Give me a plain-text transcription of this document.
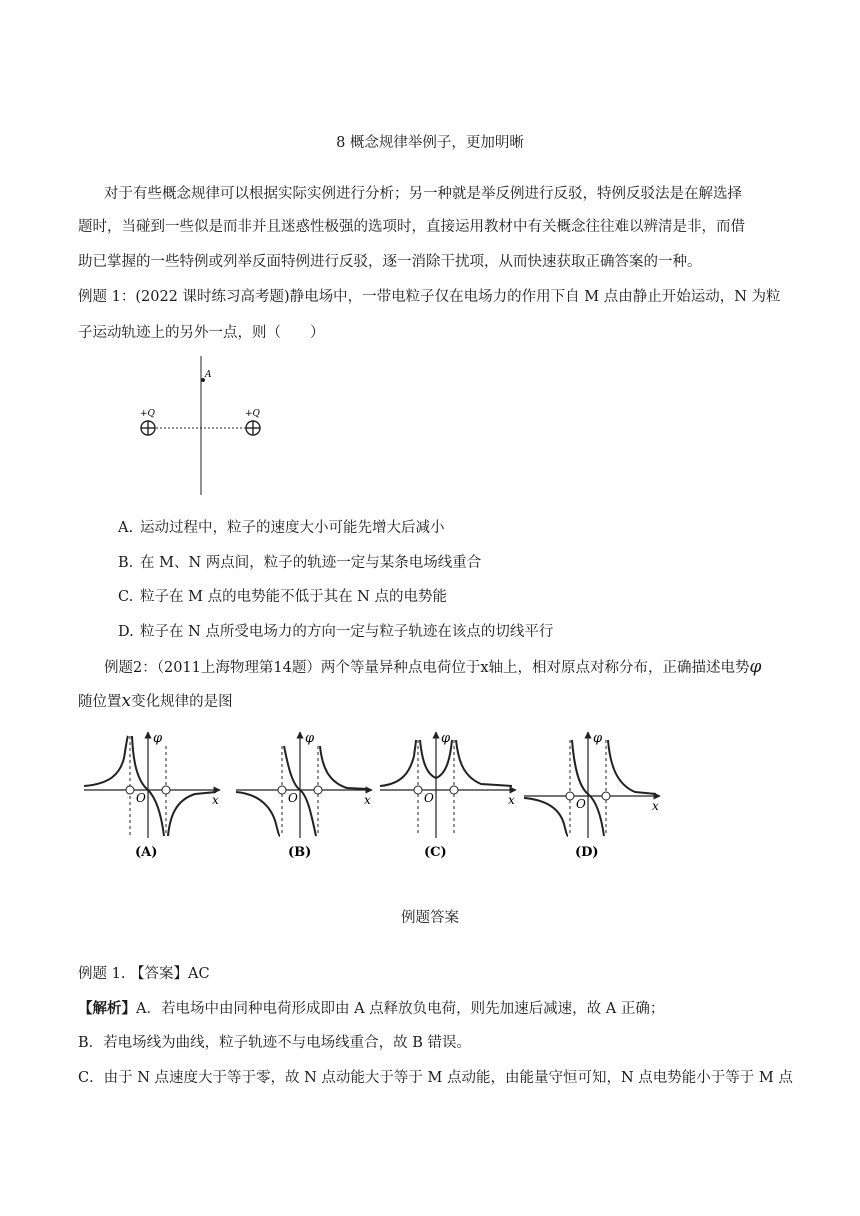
8 概念规律举例子，更加明晰
对于有些概念规律可以根据实际实例进行分析；另一种就是举反例进行反驳，特例反驳法是在解选择
题时，当碰到一些似是而非并且迷惑性极强的选项时，直接运用教材中有关概念往往难以辨清是非，而借
助已掌握的一些特例或列举反面特例进行反驳，逐一消除干扰项，从而快速获取正确答案的一种。
例题 1：(2022 课时练习高考题)静电场中，一带电粒子仅在电场力的作用下自 M 点由静止开始运动，N 为粒
子运动轨迹上的另外一点，则（　　）
A
+Q	+Q
A. 运动过程中，粒子的速度大小可能先增大后减小
B. 在 M、N 两点间，粒子的轨迹一定与某条电场线重合
C. 粒子在 M 点的电势能不低于其在 N 点的电势能
D. 粒子在 N 点所受电场力的方向一定与粒子轨迹在该点的切线平行
例题2：（2011上海物理第14题）两个等量异种点电荷位于x轴上，相对原点对称分布，正确描述电势φ
随位置x变化规律的是图
O
φ
x
(A)
O
φ
x
(B)
O
φ
x
(C)
O
φ
x
(D)
例题答案
例题 1. 【答案】AC
【解析】A．若电场中由同种电荷形成即由 A 点释放负电荷，则先加速后减速，故 A 正确；
B．若电场线为曲线，粒子轨迹不与电场线重合，故 B 错误。
C．由于 N 点速度大于等于零，故 N 点动能大于等于 M 点动能，由能量守恒可知，N 点电势能小于等于 M 点
